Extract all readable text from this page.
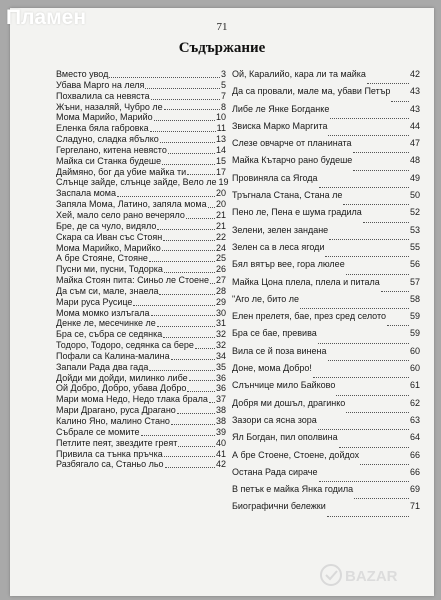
71
Съдържание
Вместо увод	3
Убава Марго на леля	5
Похвалила са невяста	7
Жъни, назаляй, Чубро ле	8
Мома Марийо, Марийо	10
Еленка бяла габровка	11
Сладуно, сладка ябълко	13
Гергелано, китена невясто	14
Майка си Станка будеше	15
Даймяно, бог да убие майка ти	17
Слънце зайде, слънце зайде, Вело ле 19
Заспала мома	20
Запяла Мома, Латино, запяла мома 20
Хей, мало село рано вечеряло	21
Бре, де са чуло, видяло	21
Скара са Иван със Стоян	22
Мома Марийко, Марийко	24
А бре Стояне, Стояне	25
Пусни ми, пусни, Тодорка	26
Майка Стоян пита: Синьо ле Стоене 27
Да съм си, мале, знаела	28
Мари руса Русице	29
Мома момко излъгала	30
Денке ле, месечинке ле	31
Бра се, събра се седянка	32
Тодоро, Тодоро, седянка са бере 32
Пофали са Калина-малина	34
Запали Рада два гада	35
Дойди ми дойди, милинко либе	36
Ой Добро, Добро, убава Добро	36
Мари мома Недо, Недо тлака брала 37
Мари Драгано, руса Драгано	38
Калино Яно, малино Стано	38
Събрале се момите	39
Петлите пеят, звездите греят	40
Привила са тънка пръчка	41
Разбягало са, Станьо льо	42
Ой, Каралийо, кара ли та майка	42
Да са провали, мале ма, убави Петър 43
Либе ле Янке Богданке	43
Звиска Марко Маргита	44
Слезе овчарче от планината	47
Майка Кътарчо рано будеше	48
Провиняла са Ягода	49
Тръгнала Стана, Стана ле	50
Пено ле, Пена е шума градила	52
Зелени, зелен зандане	53
Зелен са в леса ягоди	55
Бял вятър вее, гора люлее	56
Майка Цона плела, плела и питала	57
"Аго ле, бито ле	58
Елен прелетя, бае, през сред селото	59
Бра се бае, превива	59
Вила се й поза винена	60
Доне, мома Добро!	60
Слънчице мило Байково	61
Добря ми дошъл, драгинко	62
Зазори са ясна зора	63
Ял Богдан, пил ополвина	64
А бре Стоене, Стоене, дойдох	66
Остана Рада сираче	66
В петък е майка Янка годила	69
Биографични бележки	71
Пламен
BAZAR
